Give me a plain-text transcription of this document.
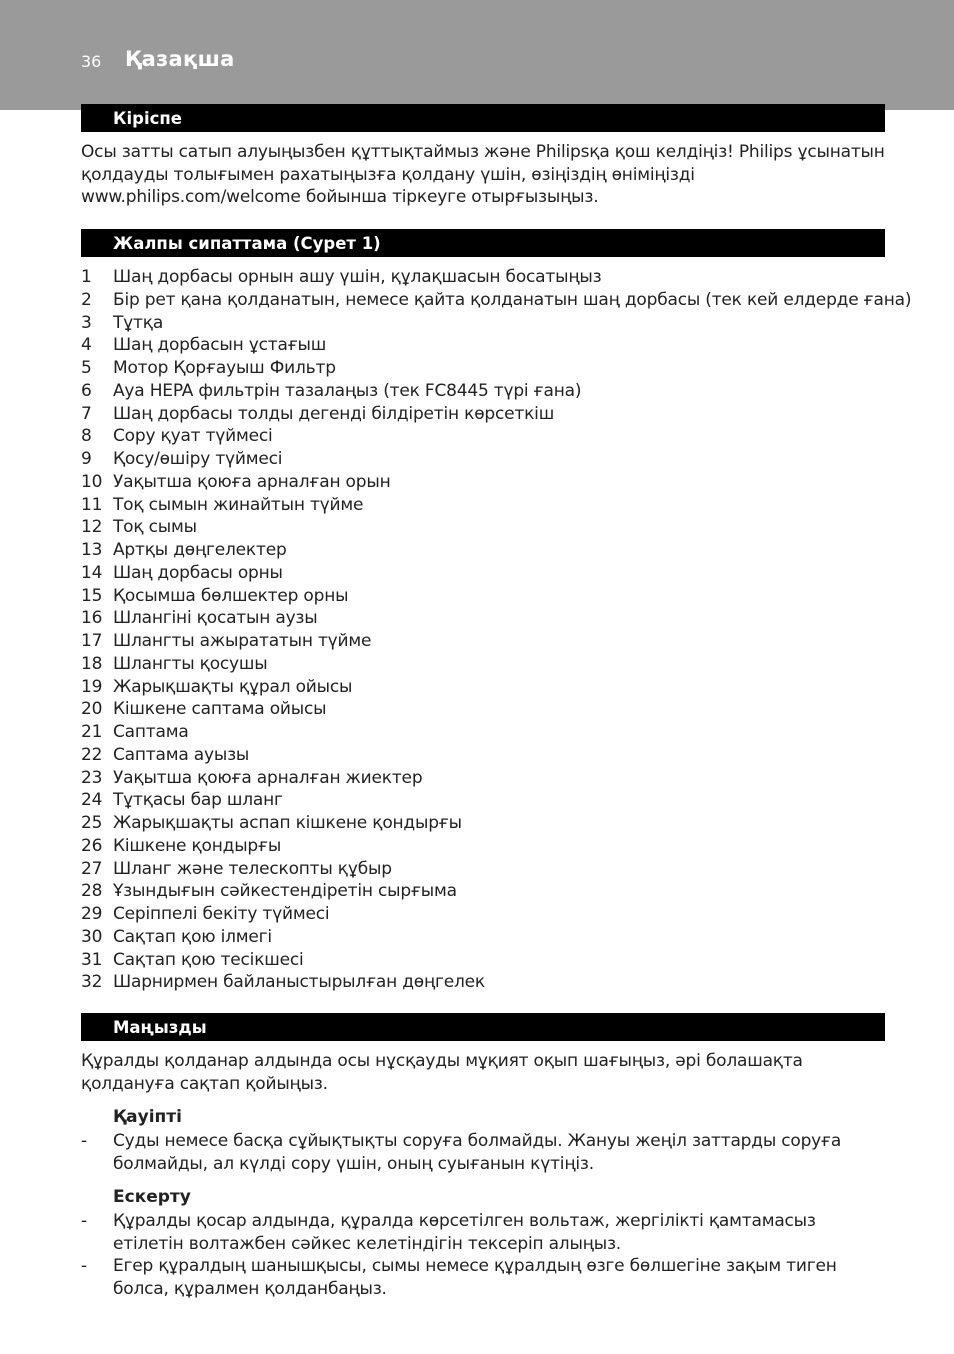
36 Қазақша
Кіріспе
Осы затты сатып алуыңызбен құттықтаймыз және Philipsқа қош келдіңіз! Philips ұсынатын қолдауды толығымен рахатыңызға қолдану үшін, өзіңіздің өніміңізді www.philips.com/welcome бойынша тіркеуге отырғызыңыз.
Жалпы сипаттама (Сурет 1)
1 Шаң дорбасы орнын ашу үшін, құлақшасын босатыңыз
2 Бір рет қана қолданатын, немесе қайта қолданатын шаң дорбасы (тек кей елдерде ғана)
3 Тұтқа
4 Шаң дорбасын ұстағыш
5 Мотор Қорғауыш Фильтр
6 Ауа HEPA фильтрін тазалаңыз (тек FC8445 түрі ғана)
7 Шаң дорбасы толды дегенді білдіретін көрсеткіш
8 Сору қуат түймесі
9 Қосу/өшіру түймесі
10 Уақытша қоюға арналған орын
11 Тоқ сымын жинайтын түйме
12 Тоқ сымы
13 Артқы дөңгелектер
14 Шаң дорбасы орны
15 Қосымша бөлшектер орны
16 Шлангіні қосатын аузы
17 Шлангты ажырататын түйме
18 Шлангты қосушы
19 Жарықшақты құрал ойысы
20 Кішкене саптама ойысы
21 Саптама
22 Саптама ауызы
23 Уақытша қоюға арналған жиектер
24 Тұтқасы бар шланг
25 Жарықшақты аспап кішкене қондырғы
26 Кішкене қондырғы
27 Шланг және телескопты құбыр
28 Ұзындығын сәйкестендіретін сырғыма
29 Серіппелі бекіту түймесі
30 Сақтап қою ілмегі
31 Сақтап қою тесікшесі
32 Шарнирмен байланыстырылған дөңгелек
Маңызды
Құралды қолданар алдында осы нұсқауды мұқият оқып шағыңыз, әрі болашақта қолдануға сақтап қойыңыз.
Қауіпті
- Суды немесе басқа сұйықтықты соруға болмайды. Жануы жеңіл заттарды соруға болмайды, ал күлді сору үшін, оның суығанын күтіңіз.
Ескерту
- Құралды қосар алдында, құралда көрсетілген вольтаж, жергілікті қамтамасыз етілетін волтажбен сәйкес келетіндігін тексеріп алыңыз.
- Егер құралдың шанышқысы, сымы немесе құралдың өзге бөлшегіне зақым тиген болса, құралмен қолданбаңыз.
